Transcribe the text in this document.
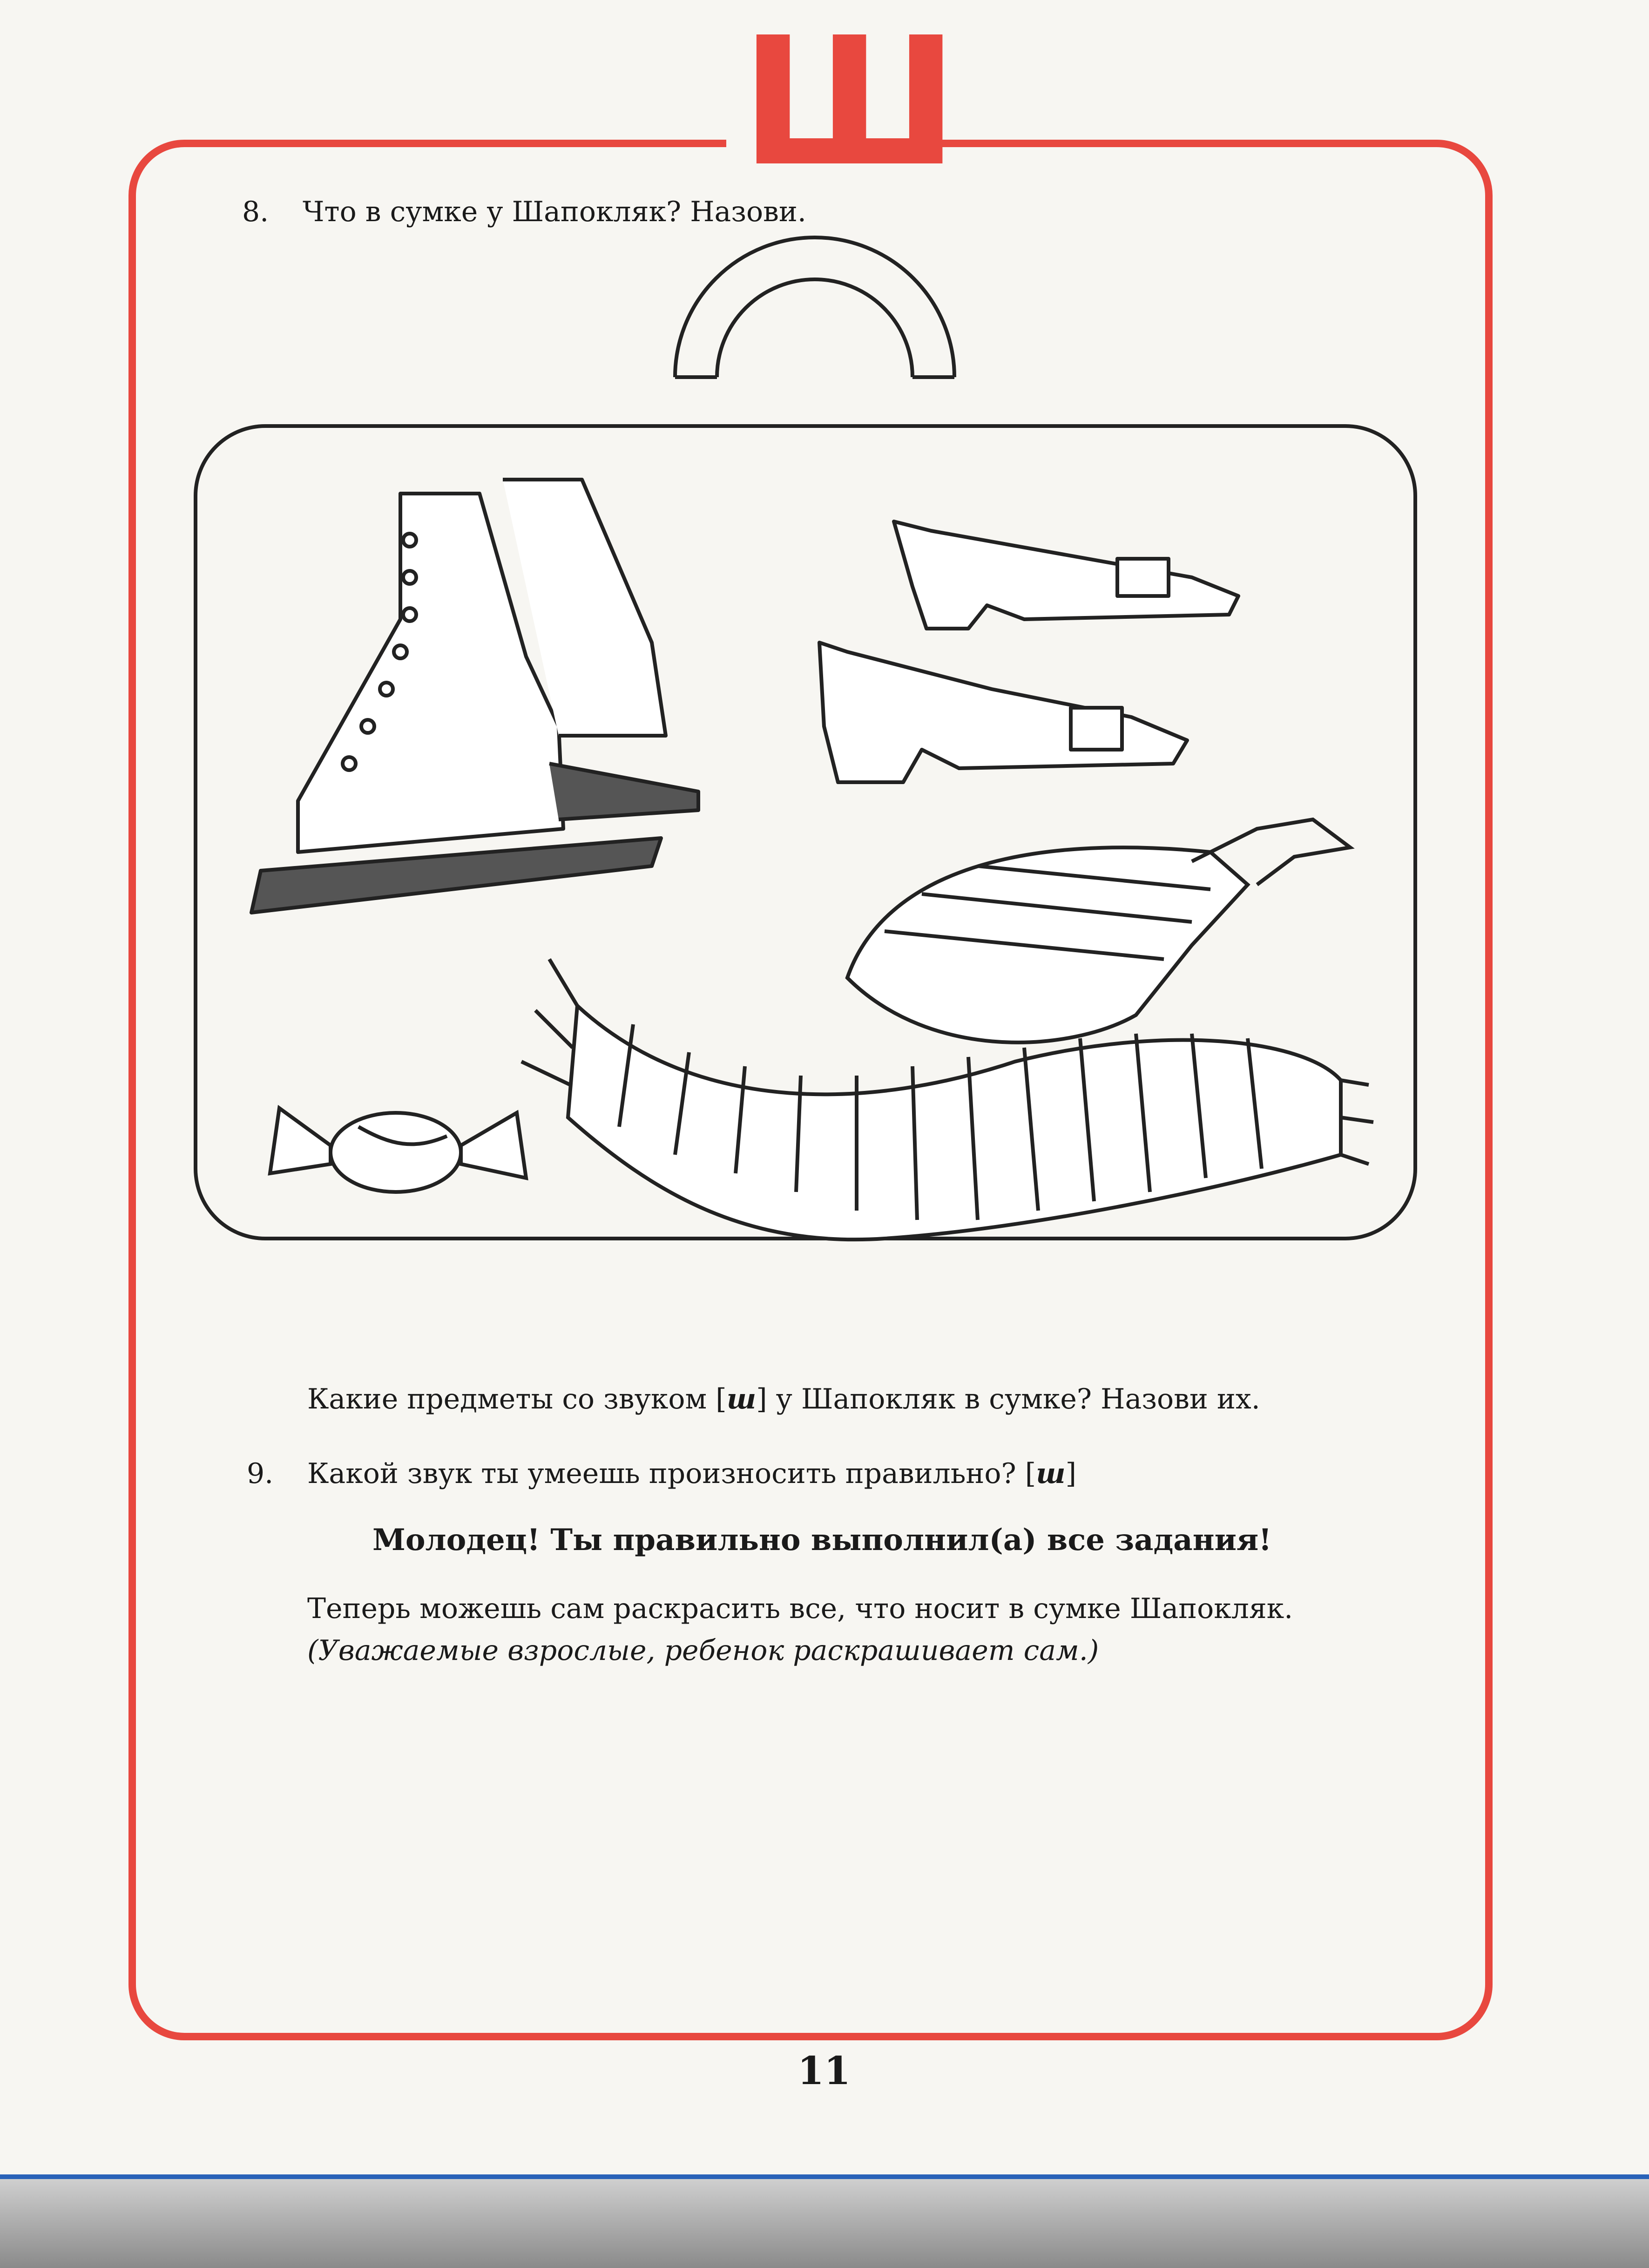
Ш
8. Что в сумке у Шапокляк? Назови.
Какие предметы со звуком [ш] у Шапокляк в сумке? Назови их.
9. Какой звук ты умеешь произносить правильно? [ш]
Молодец! Ты правильно выполнил(а) все задания!
Теперь можешь сам раскрасить все, что носит в сумке Шапокляк.
(Уважаемые взрослые, ребенок раскрашивает сам.)
11
